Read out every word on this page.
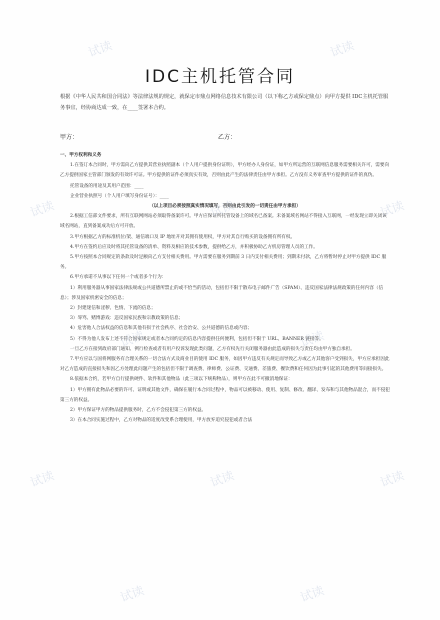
IDC主机托管合同
根据《中华人民共和国合同法》等法律法规的规定，就保定市鼎点网络信息技术有限公司（以下称乙方或保定鼎点）向甲方提供 IDC主机托管服务事宜，经协商达成一致，在____签署本合约。
甲方：	乙方：

一、甲方权利和义务

1.在签订本合同时，甲方需向乙方提供其营业执照副本（个人用户提供身份证明），甲方经办人身份证，如甲方所运营的互联网信息服务需要相关许可，需要向乙方提供国家主管部门颁发的有效许可证。甲方提供的证件必须真实有效，否则由此产生的法律责任由甲方承担。乙方没有义务审查甲方提供的证件的真伪。

托管设备的用途及其用户范围：____

企业营业执照号（个人用户填写身份证号）：____

（以上项目必须按照真实情况填写，否则由此引发的一切责任由甲方承担）

2.根据工信部文件要求，所有互联网网站必须取得备案许可。甲方应保证所托管设备上的域名已备案。未备案域名网站不得接入互联网，一经发现立即关闭该域名网站，直到备案成功后方可开放。

3.甲方根据乙方的标准机位/架、通信端口及 IP 地址开对其拥有使用权，甲方对其自行购买的设备拥有所有权。

4.甲方在签约后应及时将其托管设备的清单、资料及相应的技术参数，提供给乙方，并积极协助乙方机房管理人员的工作。

5.甲方按照本合同规定的条款及时足额向乙方支付相关费用。甲方需要在服务到期前 3 日内支付相关费用；到期未付款，乙方将暂时停止对甲方提供 IDC 服务。

6.甲方承诺不从事以下任何一个或者多个行为：

1）利用服务器从事国家法律法规或公共道德所禁止的或不恰当的活动，包括但不限于散布电子邮件广告（SPAM）、违反国家法律法规政策的任何内容（信息）；涉及国家机密安全的信息；

2）封建迷信和淫秽、色情、下流的信息；

3）辱骂、赌博游戏：违反国家民族和宗教政策的信息；

4）危害他人合法权益的信息和其他有损于社会秩序、社会治安、公共道德的信息或内容；

5）不得为他人发布上述不符合国家规定或者本合同约定的信息内容提供任何便利，包括但不限于 URL、BANNER 链接等。

一旦乙方在接到政府部门通知、例行检查或者有用户投诉发现此类问题，乙方有权先行关闭服务器由此造成的损失与责任均由甲方独自承担。

7.甲方应以与国将网服务有合理关系的一切合法方式及商业目的使用 IDC 服务，如因甲方违反有关规定而导致乙方或乙方其他客户受到损失，甲方应承担因此对乙方造成的直接损失和因乙方处理此问题产生的包括但不限于调查费、律师费、公证费、交通费、差旅费、餐饮费和任何因为此事引起的其他费用等间接损失。

8.依据本合约，若甲方自行提供硬件、软件和其他物品（此三项以下统称物品），则甲方在此不可撤消地保证：

1）甲方拥有此物品必要的许可、证明或其他文件，确保在履行本合同过程中，物品可以被移动、使用、复制、修改、翻译、发布和与其他物品混合，而不侵犯第三方的权益。

2）甲方保证甲方的物品提供服务时，乙方不会侵犯第三方的权益。

3）在本合同实施过程中，乙方对物品的适度改变系合理使用，甲方放弃追究侵犯或者合法

试读	试读
试读	试读	试读
试读	试读
试读	试读	试读
试读	试读
